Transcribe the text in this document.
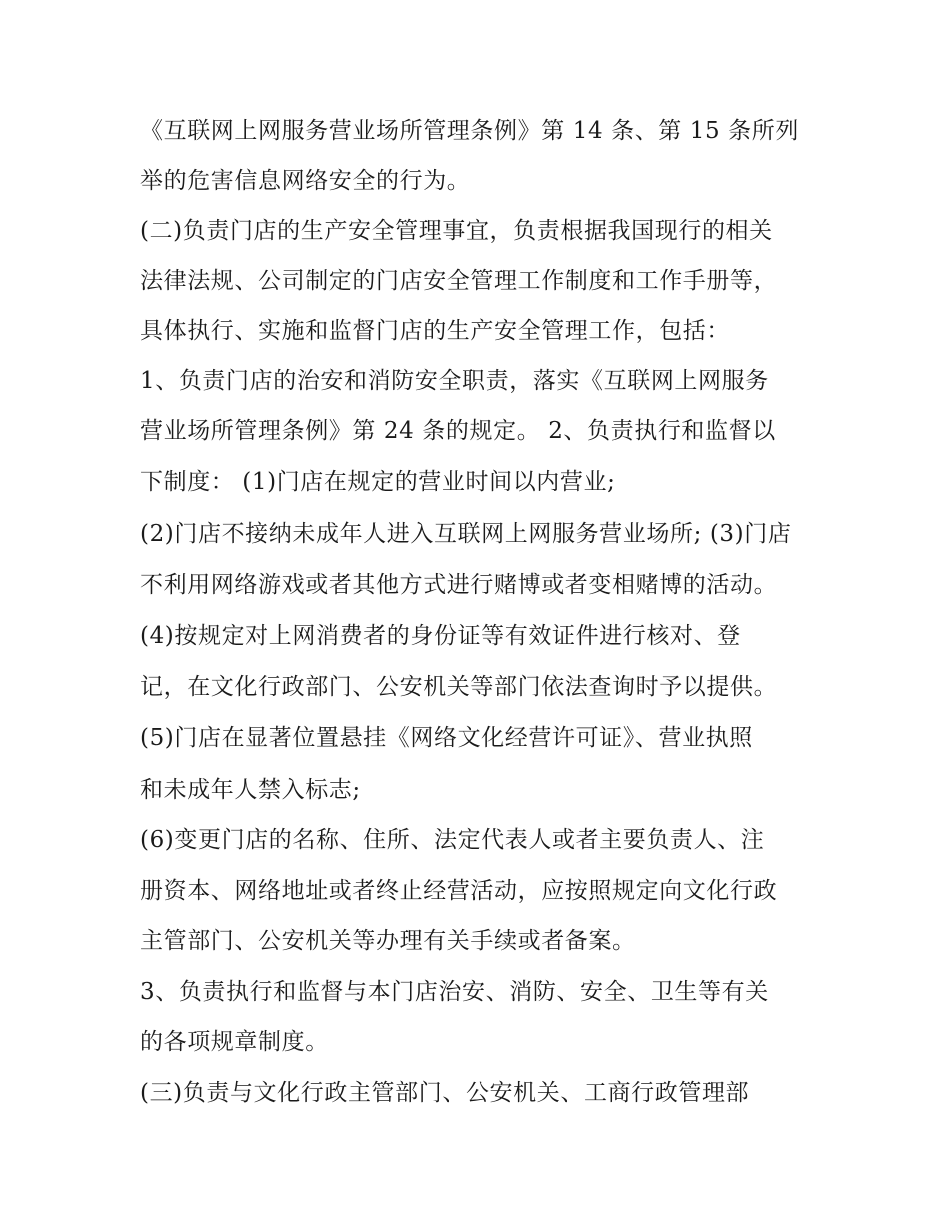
《互联网上网服务营业场所管理条例》第 14 条、第 15 条所列
举的危害信息网络安全的行为。
(二)负责门店的生产安全管理事宜，负责根据我国现行的相关
法律法规、公司制定的门店安全管理工作制度和工作手册等，
具体执行、实施和监督门店的生产安全管理工作，包括：
1、负责门店的治安和消防安全职责，落实《互联网上网服务
营业场所管理条例》第 24 条的规定。 2、负责执行和监督以
下制度： (1)门店在规定的营业时间以内营业;
(2)门店不接纳未成年人进入互联网上网服务营业场所; (3)门店
不利用网络游戏或者其他方式进行赌博或者变相赌博的活动。
(4)按规定对上网消费者的身份证等有效证件进行核对、登
记，在文化行政部门、公安机关等部门依法查询时予以提供。
(5)门店在显著位置悬挂《网络文化经营许可证》、营业执照
和未成年人禁入标志;
(6)变更门店的名称、住所、法定代表人或者主要负责人、注
册资本、网络地址或者终止经营活动，应按照规定向文化行政
主管部门、公安机关等办理有关手续或者备案。
3、负责执行和监督与本门店治安、消防、安全、卫生等有关
的各项规章制度。
(三)负责与文化行政主管部门、公安机关、工商行政管理部
